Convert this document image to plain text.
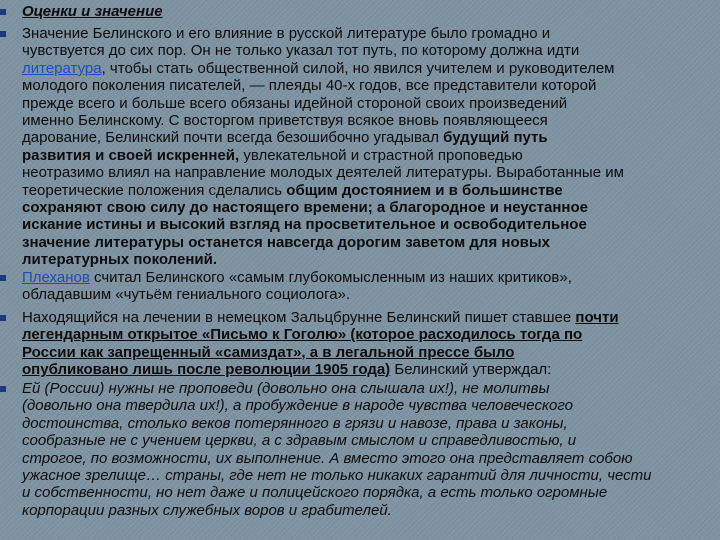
Оценки и значение
Значение Белинского и его влияние в русской литературе было громадно и
чувствуется до сих пор. Он не только указал тот путь, по которому должна идти
литература, чтобы стать общественной силой, но явился учителем и руководителем
молодого поколения писателей, — плеяды 40-х годов, все представители которой
прежде всего и больше всего обязаны идейной стороной своих произведений
именно Белинскому. С восторгом приветствуя всякое вновь появляющееся
дарование, Белинский почти всегда безошибочно угадывал будущий путь
развития и своей искренней, увлекательной и страстной проповедью
неотразимо влиял на направление молодых деятелей литературы. Выработанные им
теоретические положения сделались общим достоянием и в большинстве
сохраняют свою силу до настоящего времени; а благородное и неустанное
искание истины и высокий взгляд на просветительное и освободительное
значение литературы останется навсегда дорогим заветом для новых
литературных поколений.
Плеханов считал Белинского «самым глубокомысленным из наших критиков»,
обладавшим «чутьём гениального социолога».
Находящийся на лечении в немецком Зальцбрунне Белинский пишет ставшее почти
легендарным открытое «Письмо к Гоголю» (которое расходилось тогда по
России как запрещенный «самиздат», а в легальной прессе было
опубликовано лишь после революции 1905 года) Белинский утверждал:
Ей (России) нужны не проповеди (довольно она слышала их!), не молитвы
(довольно она твердила их!), а пробуждение в народе чувства человеческого
достоинства, столько веков потерянного в грязи и навозе, права и законы,
сообразные не с учением церкви, а с здравым смыслом и справедливостью, и
строгое, по возможности, их выполнение. А вместо этого она представляет собою
ужасное зрелище… страны, где нет не только никаких гарантий для личности, чести
и собственности, но нет даже и полицейского порядка, а есть только огромные
корпорации разных служебных воров и грабителей.
